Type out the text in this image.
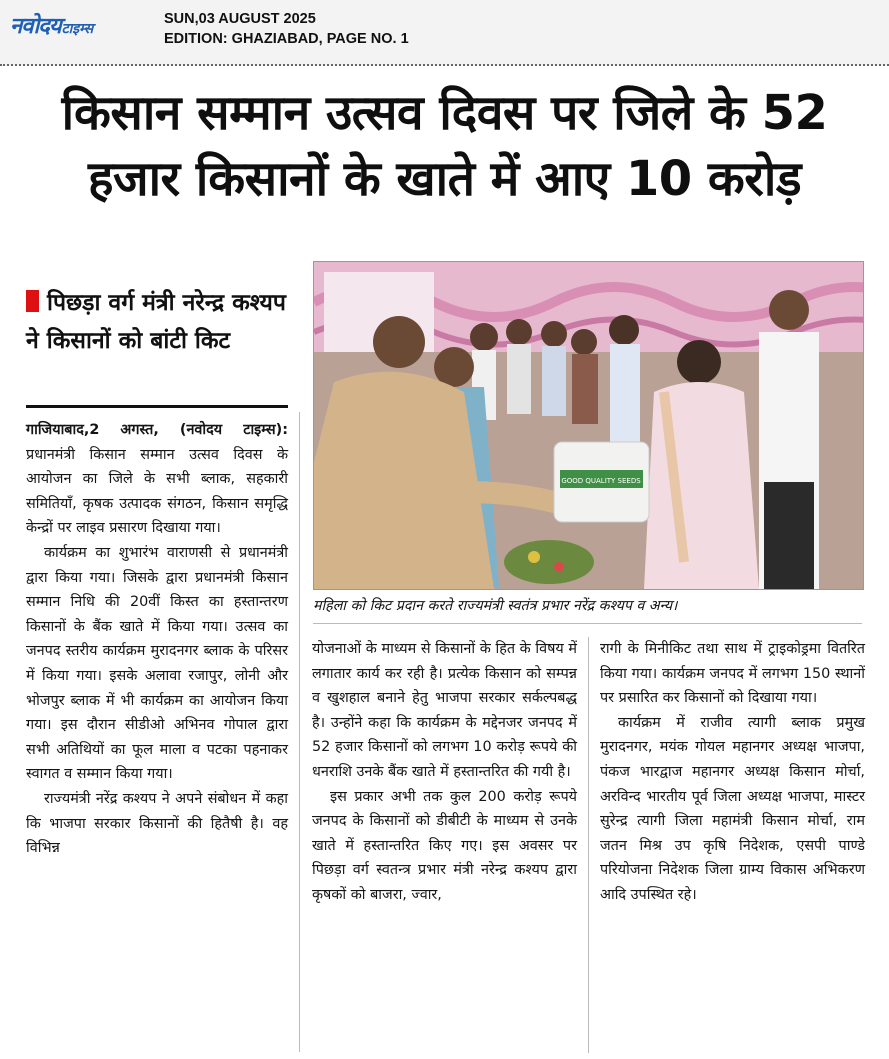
नवोदय टाइम्स
SUN,03 AUGUST 2025
EDITION: GHAZIABAD, PAGE NO. 1
किसान सम्मान उत्सव दिवस पर जिले के 52
हजार किसानों के खाते में आए 10 करोड़
पिछड़ा वर्ग मंत्री नरेन्द्र कश्यप ने किसानों को बांटी किट

गाजियाबाद,2 अगस्त, (नवोदय टाइम्स): प्रधानमंत्री किसान सम्मान उत्सव दिवस के आयोजन का जिले के सभी ब्लाक, सहकारी समितियाँ, कृषक उत्पादक संगठन, किसान समृद्धि केन्द्रों पर लाइव प्रसारण दिखाया गया।

कार्यक्रम का शुभारंभ वाराणसी से प्रधानमंत्री द्वारा किया गया। जिसके द्वारा प्रधानमंत्री किसान सम्मान निधि की 20वीं किस्त का हस्तान्तरण किसानों के बैंक खाते में किया गया। उत्सव का जनपद स्तरीय कार्यक्रम मुरादनगर ब्लाक के परिसर में किया गया। इसके अलावा रजापुर, लोनी और भोजपुर ब्लाक में भी कार्यक्रम का आयोजन किया गया। इस दौरान सीडीओ अभिनव गोपाल द्वारा सभी अतिथियों का फूल माला व पटका पहनाकर स्वागत व सम्मान किया गया।

राज्यमंत्री नरेंद्र कश्यप ने अपने संबोधन में कहा कि भाजपा सरकार किसानों की हितैषी है। वह विभिन्न

GOOD QUALITY SEEDS
महिला को किट प्रदान करते राज्यमंत्री स्वतंत्र प्रभार नरेंद्र कश्यप व अन्य।

योजनाओं के माध्यम से किसानों के हित के विषय में लगातार कार्य कर रही है। प्रत्येक किसान को सम्पन्न व खुशहाल बनाने हेतु भाजपा सरकार सर्कल्पबद्ध है। उन्होंने कहा कि कार्यक्रम के मद्देनजर जनपद में 52 हजार किसानों को लगभग 10 करोड़ रूपये की धनराशि उनके बैंक खाते में हस्तान्तरित की गयी है।

इस प्रकार अभी तक कुल 200 करोड़ रूपये जनपद के किसानों को डीबीटी के माध्यम से उनके खाते में हस्तान्तरित किए गए। इस अवसर पर पिछड़ा वर्ग स्वतन्त्र प्रभार मंत्री नरेन्द्र कश्यप द्वारा कृषकों को बाजरा, ज्वार,

रागी के मिनीकिट तथा साथ में ट्राइकोड्रमा वितरित किया गया। कार्यक्रम जनपद में लगभग 150 स्थानों पर प्रसारित कर किसानों को दिखाया गया।

कार्यक्रम में राजीव त्यागी ब्लाक प्रमुख मुरादनगर, मयंक गोयल महानगर अध्यक्ष भाजपा, पंकज भारद्वाज महानगर अध्यक्ष किसान मोर्चा, अरविन्द भारतीय पूर्व जिला अध्यक्ष भाजपा, मास्टर सुरेन्द्र त्यागी जिला महामंत्री किसान मोर्चा, राम जतन मिश्र उप कृषि निदेशक, एसपी पाण्डे परियोजना निदेशक जिला ग्राम्य विकास अभिकरण आदि उपस्थित रहे।
